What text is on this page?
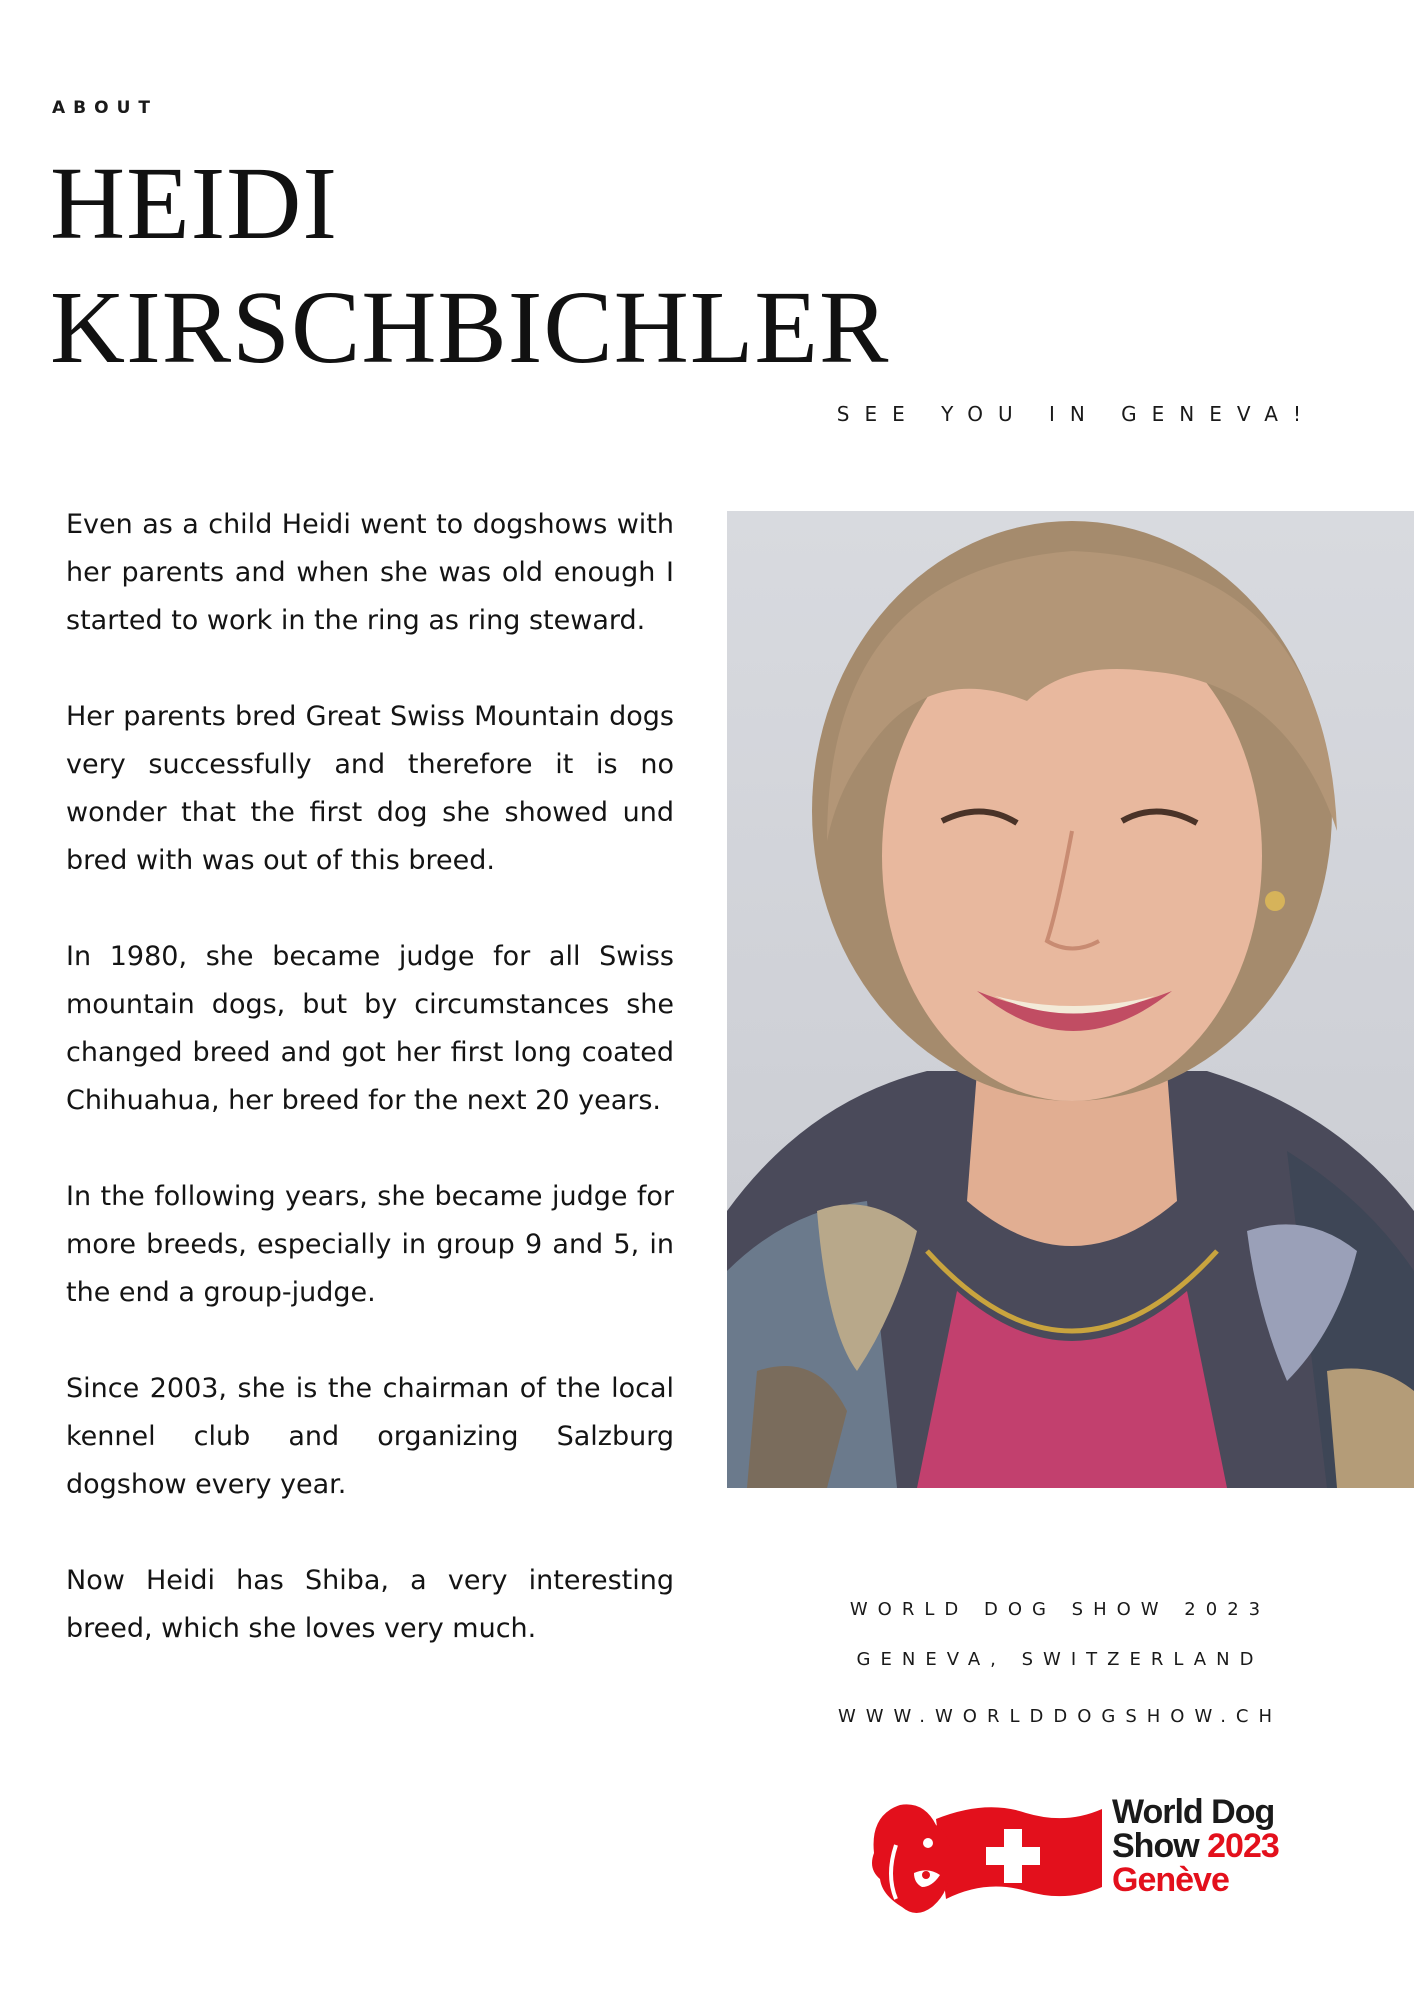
ABOUT
HEIDI
KIRSCHBICHLER
SEE YOU IN GENEVA!

Even as a child Heidi went to dogshows with her parents and when she was old enough I started to work in the ring as ring steward.

Her parents bred Great Swiss Mountain dogs very successfully and therefore it is no wonder that the first dog she showed und bred with was out of this breed.

In 1980, she became judge for all Swiss mountain dogs, but by circumstances she changed breed and got her first long coated Chihuahua, her breed for the next 20 years.

In the following years, she became judge for more breeds, especially in group 9 and 5, in the end a group-judge.

Since 2003, she is the chairman of the local kennel club and organizing Salzburg dogshow every year.

Now Heidi has Shiba, a very interesting breed, which she loves very much.

WORLD DOG SHOW 2023
GENEVA, SWITZERLAND
WWW.WORLDDOGSHOW.CH
World Dog
Show 2023
Genève
